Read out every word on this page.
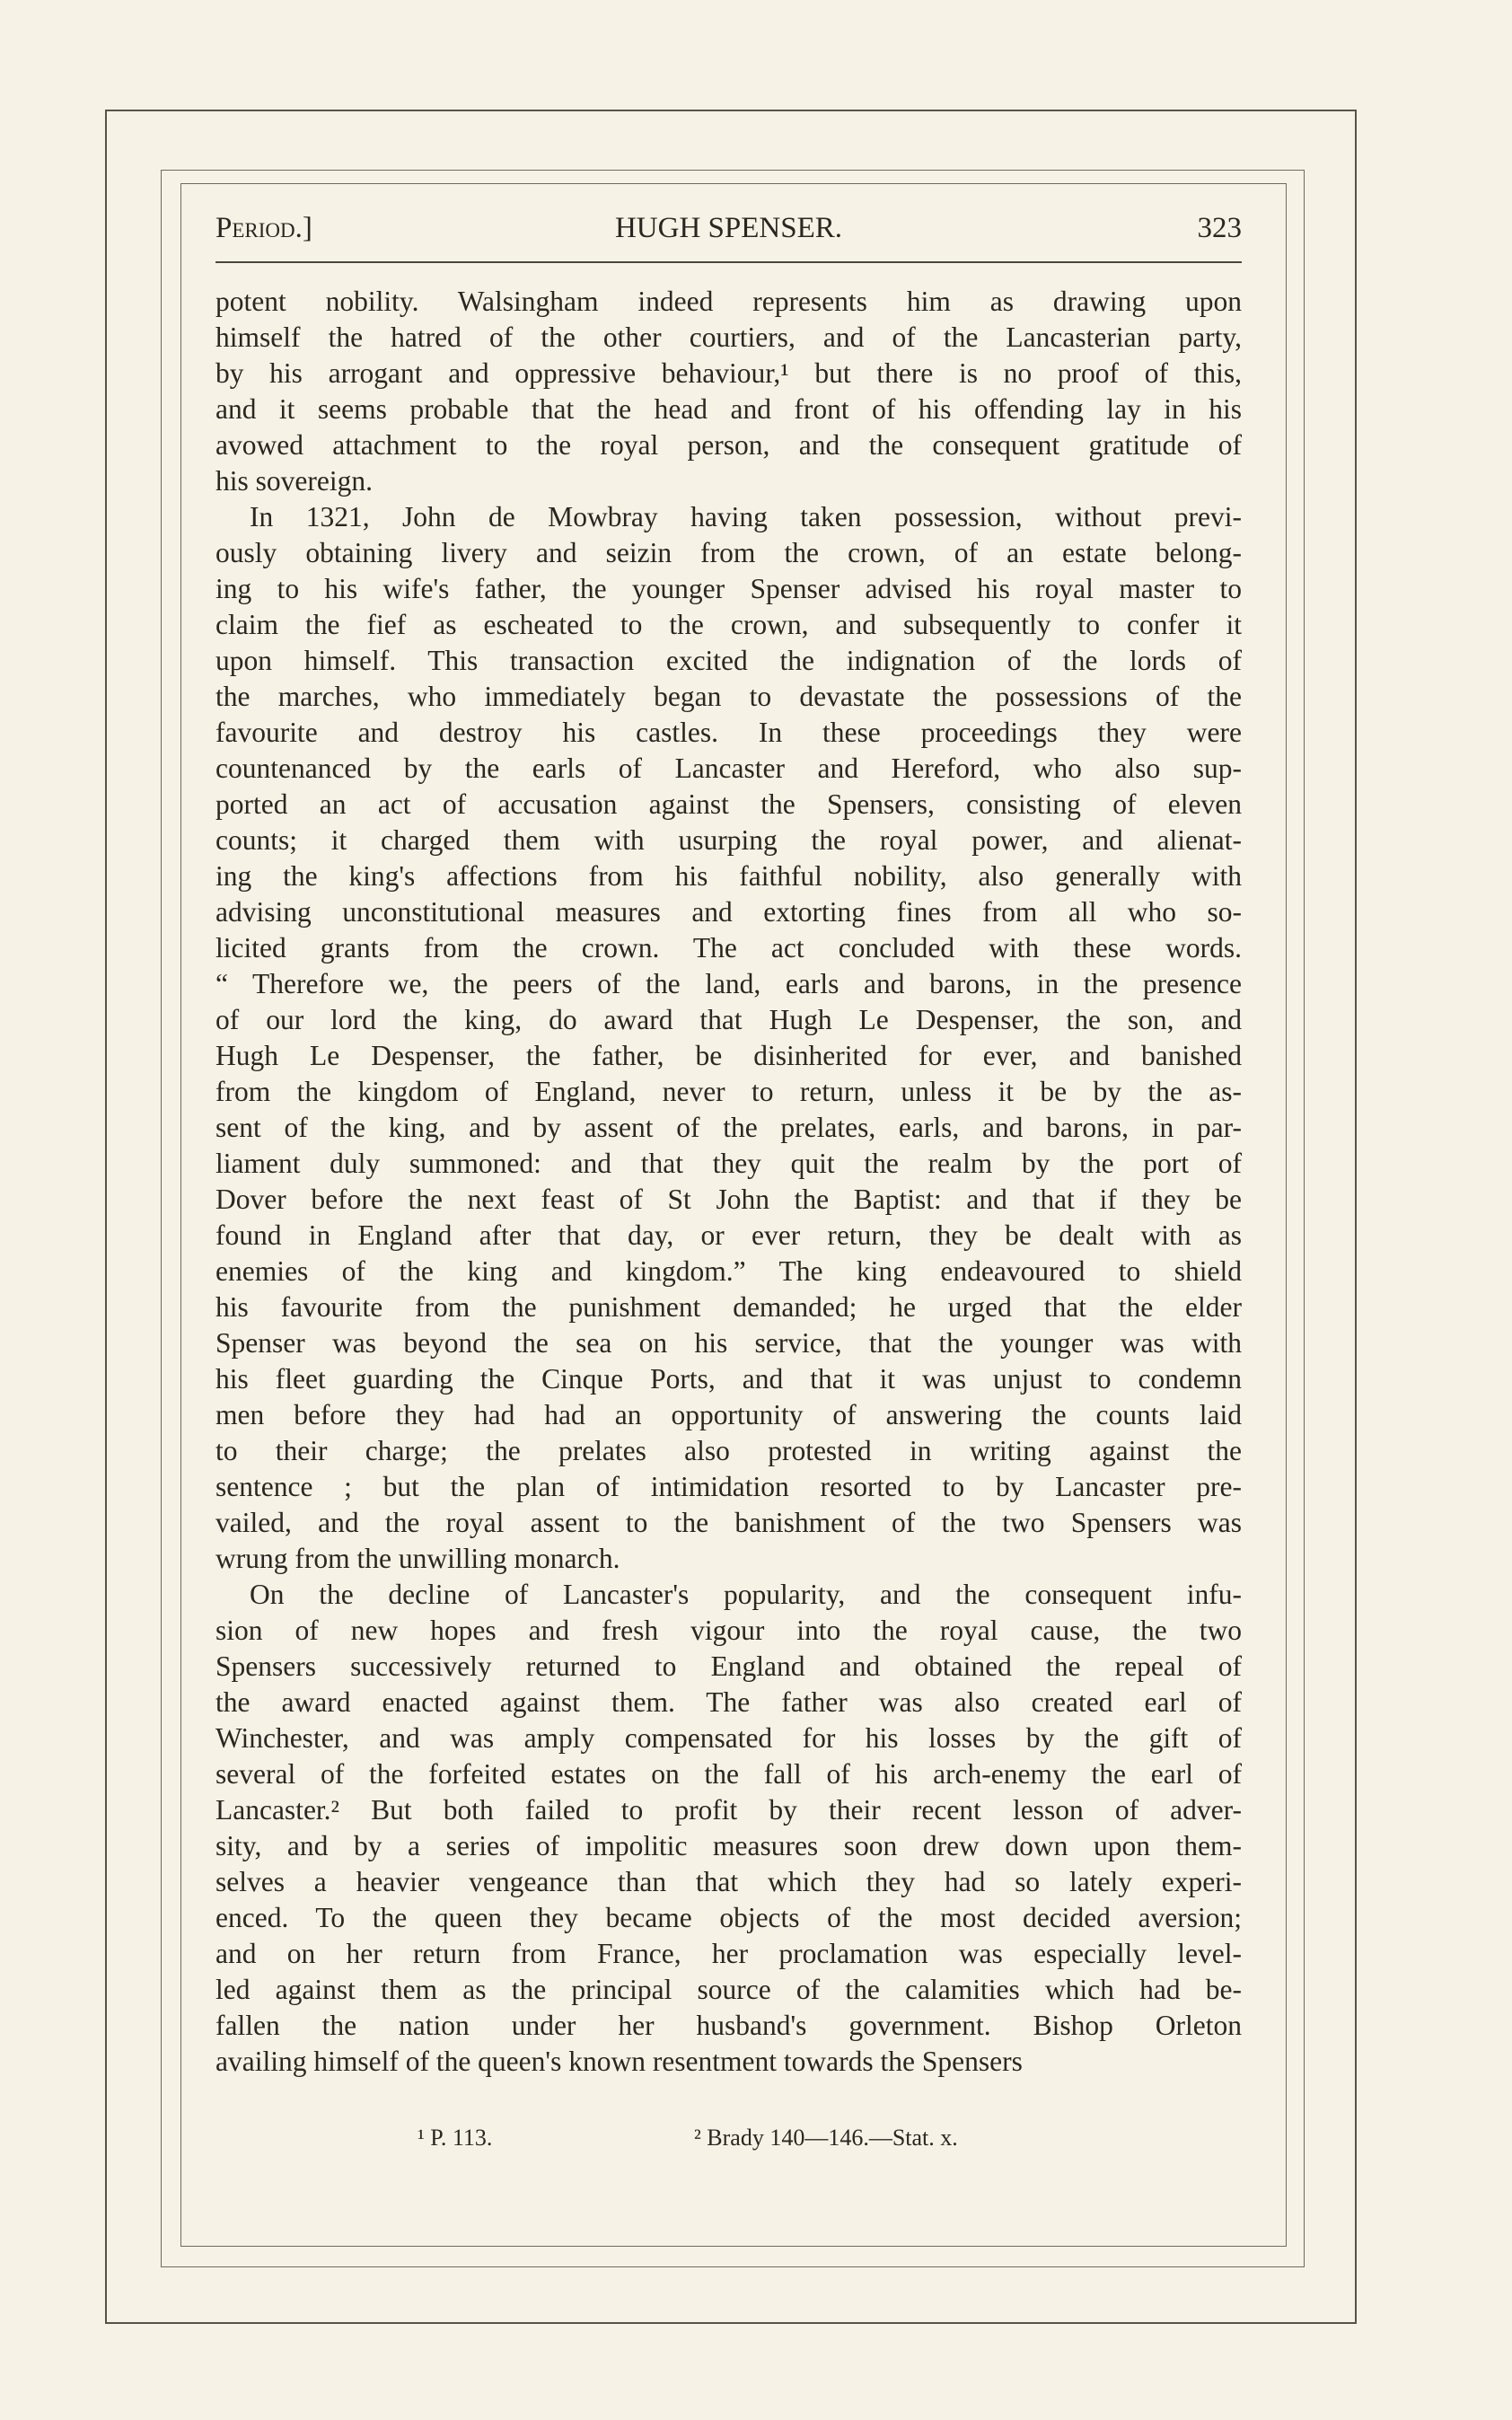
Period.]	HUGH SPENSER.	323
potent nobility. Walsingham indeed represents him as drawing upon
himself the hatred of the other courtiers, and of the Lancasterian party,
by his arrogant and oppressive behaviour,¹ but there is no proof of this,
and it seems probable that the head and front of his offending lay in his
avowed attachment to the royal person, and the consequent gratitude of
his sovereign.
In 1321, John de Mowbray having taken possession, without previ-
ously obtaining livery and seizin from the crown, of an estate belong-
ing to his wife's father, the younger Spenser advised his royal master to
claim the fief as escheated to the crown, and subsequently to confer it
upon himself. This transaction excited the indignation of the lords of
the marches, who immediately began to devastate the possessions of the
favourite and destroy his castles. In these proceedings they were
countenanced by the earls of Lancaster and Hereford, who also sup-
ported an act of accusation against the Spensers, consisting of eleven
counts; it charged them with usurping the royal power, and alienat-
ing the king's affections from his faithful nobility, also generally with
advising unconstitutional measures and extorting fines from all who so-
licited grants from the crown. The act concluded with these words.
“ Therefore we, the peers of the land, earls and barons, in the presence
of our lord the king, do award that Hugh Le Despenser, the son, and
Hugh Le Despenser, the father, be disinherited for ever, and banished
from the kingdom of England, never to return, unless it be by the as-
sent of the king, and by assent of the prelates, earls, and barons, in par-
liament duly summoned: and that they quit the realm by the port of
Dover before the next feast of St John the Baptist: and that if they be
found in England after that day, or ever return, they be dealt with as
enemies of the king and kingdom.” The king endeavoured to shield
his favourite from the punishment demanded; he urged that the elder
Spenser was beyond the sea on his service, that the younger was with
his fleet guarding the Cinque Ports, and that it was unjust to condemn
men before they had had an opportunity of answering the counts laid
to their charge; the prelates also protested in writing against the
sentence ; but the plan of intimidation resorted to by Lancaster pre-
vailed, and the royal assent to the banishment of the two Spensers was
wrung from the unwilling monarch.
On the decline of Lancaster's popularity, and the consequent infu-
sion of new hopes and fresh vigour into the royal cause, the two
Spensers successively returned to England and obtained the repeal of
the award enacted against them. The father was also created earl of
Winchester, and was amply compensated for his losses by the gift of
several of the forfeited estates on the fall of his arch-enemy the earl of
Lancaster.² But both failed to profit by their recent lesson of adver-
sity, and by a series of impolitic measures soon drew down upon them-
selves a heavier vengeance than that which they had so lately experi-
enced. To the queen they became objects of the most decided aversion;
and on her return from France, her proclamation was especially level-
led against them as the principal source of the calamities which had be-
fallen the nation under her husband's government. Bishop Orleton
availing himself of the queen's known resentment towards the Spensers
¹ P. 113.	² Brady 140—146.—Stat. x.
